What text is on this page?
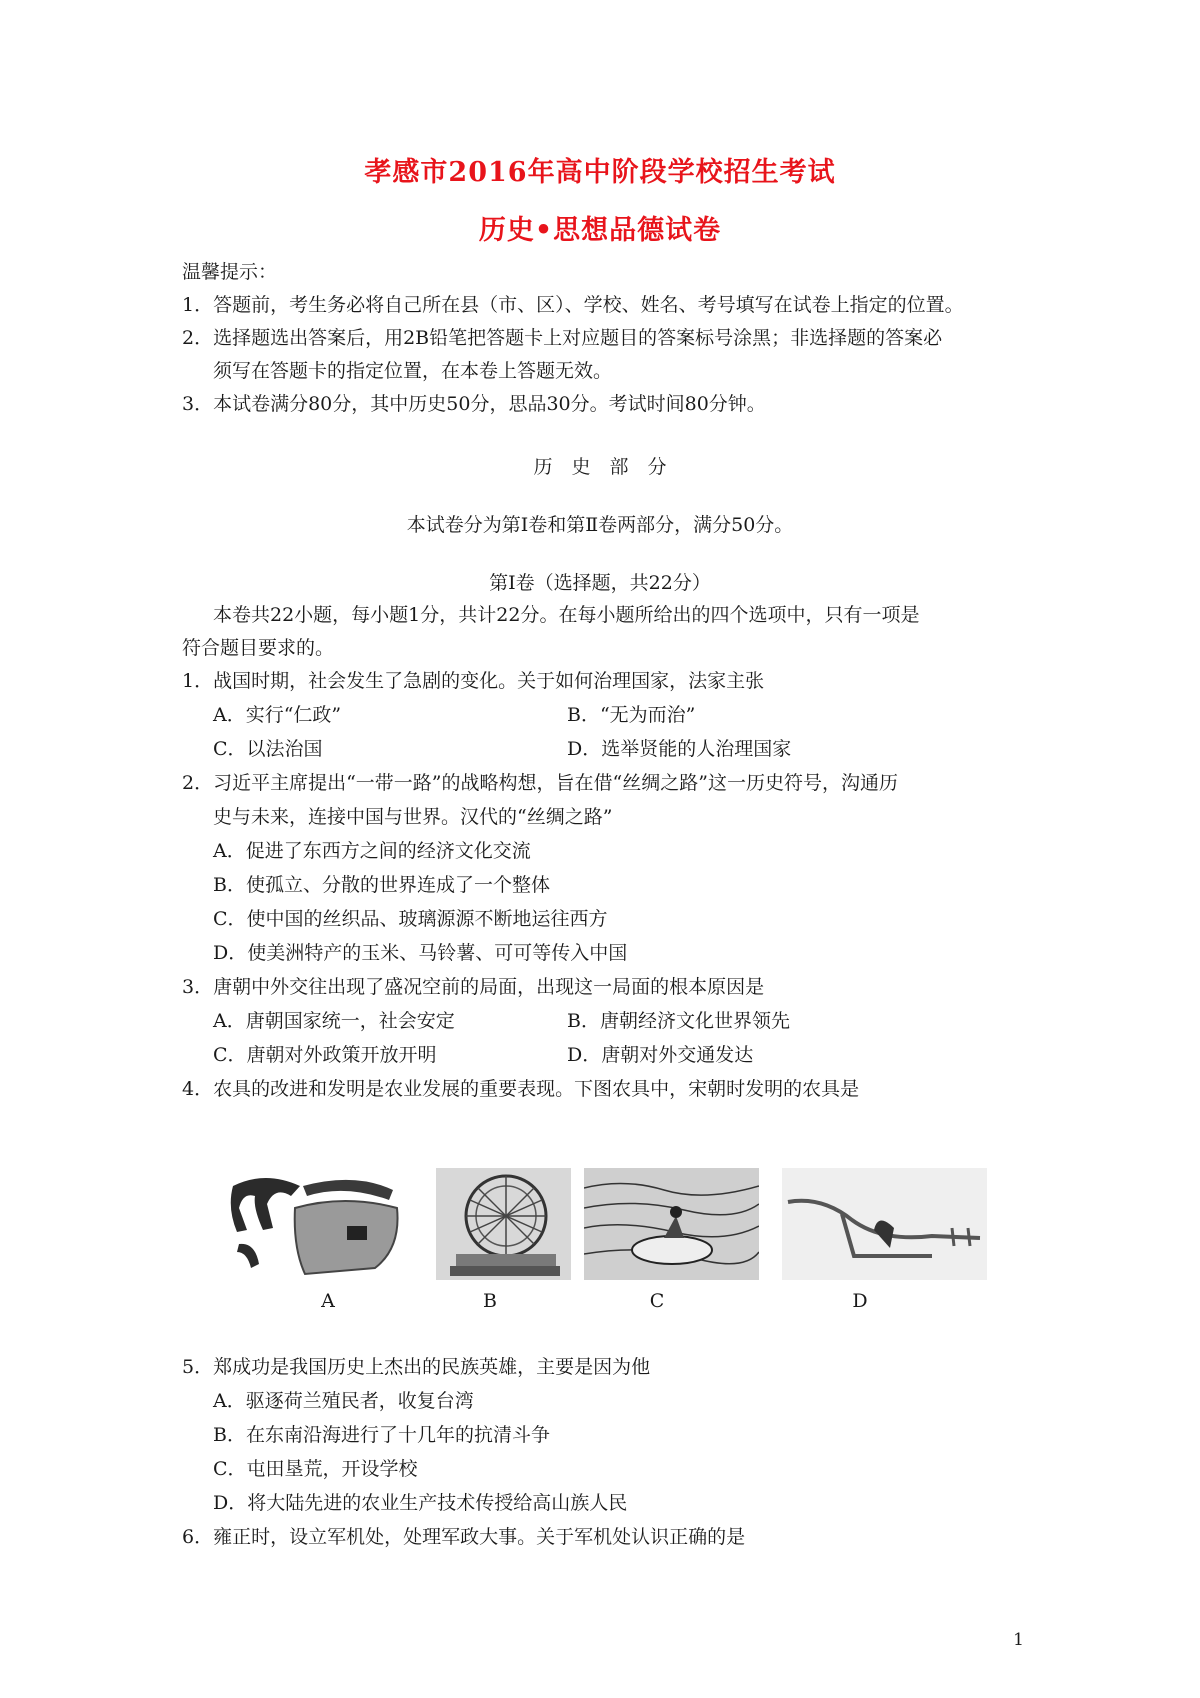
孝感市2016年高中阶段学校招生考试
历史•思想品德试卷
温馨提示：
1．答题前，考生务必将自己所在县（市、区）、学校、姓名、考号填写在试卷上指定的位置。
2．选择题选出答案后，用2B铅笔把答题卡上对应题目的答案标号涂黑；非选择题的答案必
须写在答题卡的指定位置，在本卷上答题无效。
3．本试卷满分80分，其中历史50分，思品30分。考试时间80分钟。
历　史　部　分
本试卷分为第Ⅰ卷和第Ⅱ卷两部分，满分50分。
第Ⅰ卷（选择题，共22分）
本卷共22小题，每小题1分，共计22分。在每小题所给出的四个选项中，只有一项是
符合题目要求的。
1．战国时期，社会发生了急剧的变化。关于如何治理国家，法家主张
A．实行“仁政”	B．“无为而治”
C．以法治国	D．选举贤能的人治理国家
2．习近平主席提出“一带一路”的战略构想，旨在借“丝绸之路”这一历史符号，沟通历
史与未来，连接中国与世界。汉代的“丝绸之路”
A．促进了东西方之间的经济文化交流
B．使孤立、分散的世界连成了一个整体
C．使中国的丝织品、玻璃源源不断地运往西方
D．使美洲特产的玉米、马铃薯、可可等传入中国
3．唐朝中外交往出现了盛况空前的局面，出现这一局面的根本原因是
A．唐朝国家统一，社会安定	B．唐朝经济文化世界领先
C．唐朝对外政策开放开明	D．唐朝对外交通发达
4．农具的改进和发明是农业发展的重要表现。下图农具中，宋朝时发明的农具是
A	B	C	D
5．郑成功是我国历史上杰出的民族英雄，主要是因为他
A．驱逐荷兰殖民者，收复台湾
B．在东南沿海进行了十几年的抗清斗争
C．屯田垦荒，开设学校
D．将大陆先进的农业生产技术传授给高山族人民
6．雍正时，设立军机处，处理军政大事。关于军机处认识正确的是
1
